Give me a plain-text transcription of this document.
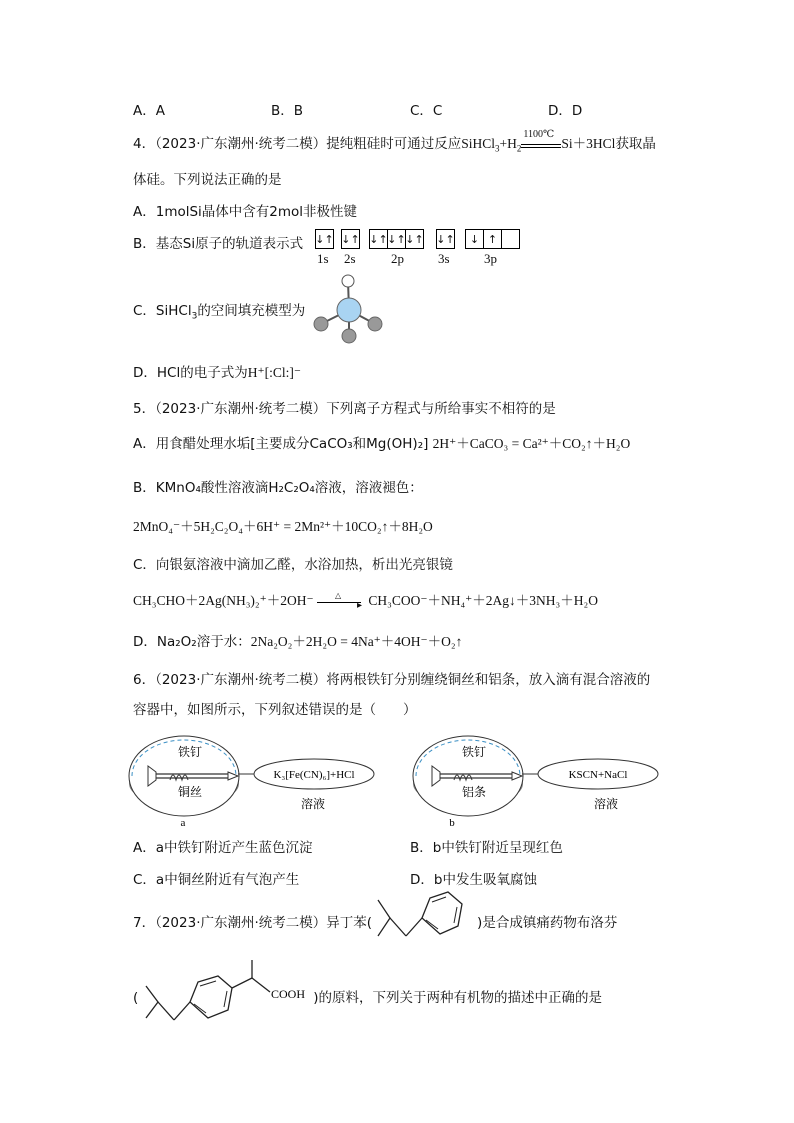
A．A	B．B	C．C	D．D
4．（2023·广东潮州·统考二模）提纯粗硅时可通过反应$SiHCl_3+H_2$
1100℃
Si＋3HCl获取晶
体硅。下列说法正确的是
A．1molSi晶体中含有2mol非极性键
B．基态Si原子的轨道表示式 ↓↑ ↓↑ ↓↑ ↓↑ ↓↑ ↓↑	↓ ↑
1s 2s	2p	3s	3p
C．SiHCl$_3$的空间填充模型为
D．HCl的电子式为H⁺[:Cl:]⁻
5．（2023·广东潮州·统考二模）下列离子方程式与所给事实不相符的是
A．用食醋处理水垢[主要成分CaCO₃和Mg(OH)₂] 2H⁺＋CaCO₃ = Ca²⁺＋CO₂↑＋H₂O
B．KMnO₄酸性溶液滴H₂C₂O₄溶液，溶液褪色：
2MnO₄⁻＋5H₂C₂O₄＋6H⁺ = 2Mn²⁺＋10CO₂↑＋8H₂O
C．向银氨溶液中滴加乙醛，水浴加热，析出光亮银镜
CH₃CHO＋2Ag(NH₃)₂⁺＋2OH⁻	△
▸ CH₃COO⁻＋NH₄⁺＋2Ag↓＋3NH₃＋H₂O
D．Na₂O₂溶于水：2Na₂O₂＋2H₂O = 4Na⁺＋4OH⁻＋O₂↑
6．（2023·广东潮州·统考二模）将两根铁钉分别缠绕铜丝和铝条，放入滴有混合溶液的
容器中，如图所示，下列叙述错误的是（　　）
铁钉
铜丝
K₃[Fe(CN)₆]+HCl
溶液
a
铁钉
铝条
KSCN+NaCl
溶液
b
A．a中铁钉附近产生蓝色沉淀	B．b中铁钉附近呈现红色
C．a中铜丝附近有气泡产生	D．b中发生吸氧腐蚀
7．（2023·广东潮州·统考二模）异丁苯(	)是合成镇痛药物布洛芬
(	)的原料，下列关于两种有机物的描述中正确的是
COOH
